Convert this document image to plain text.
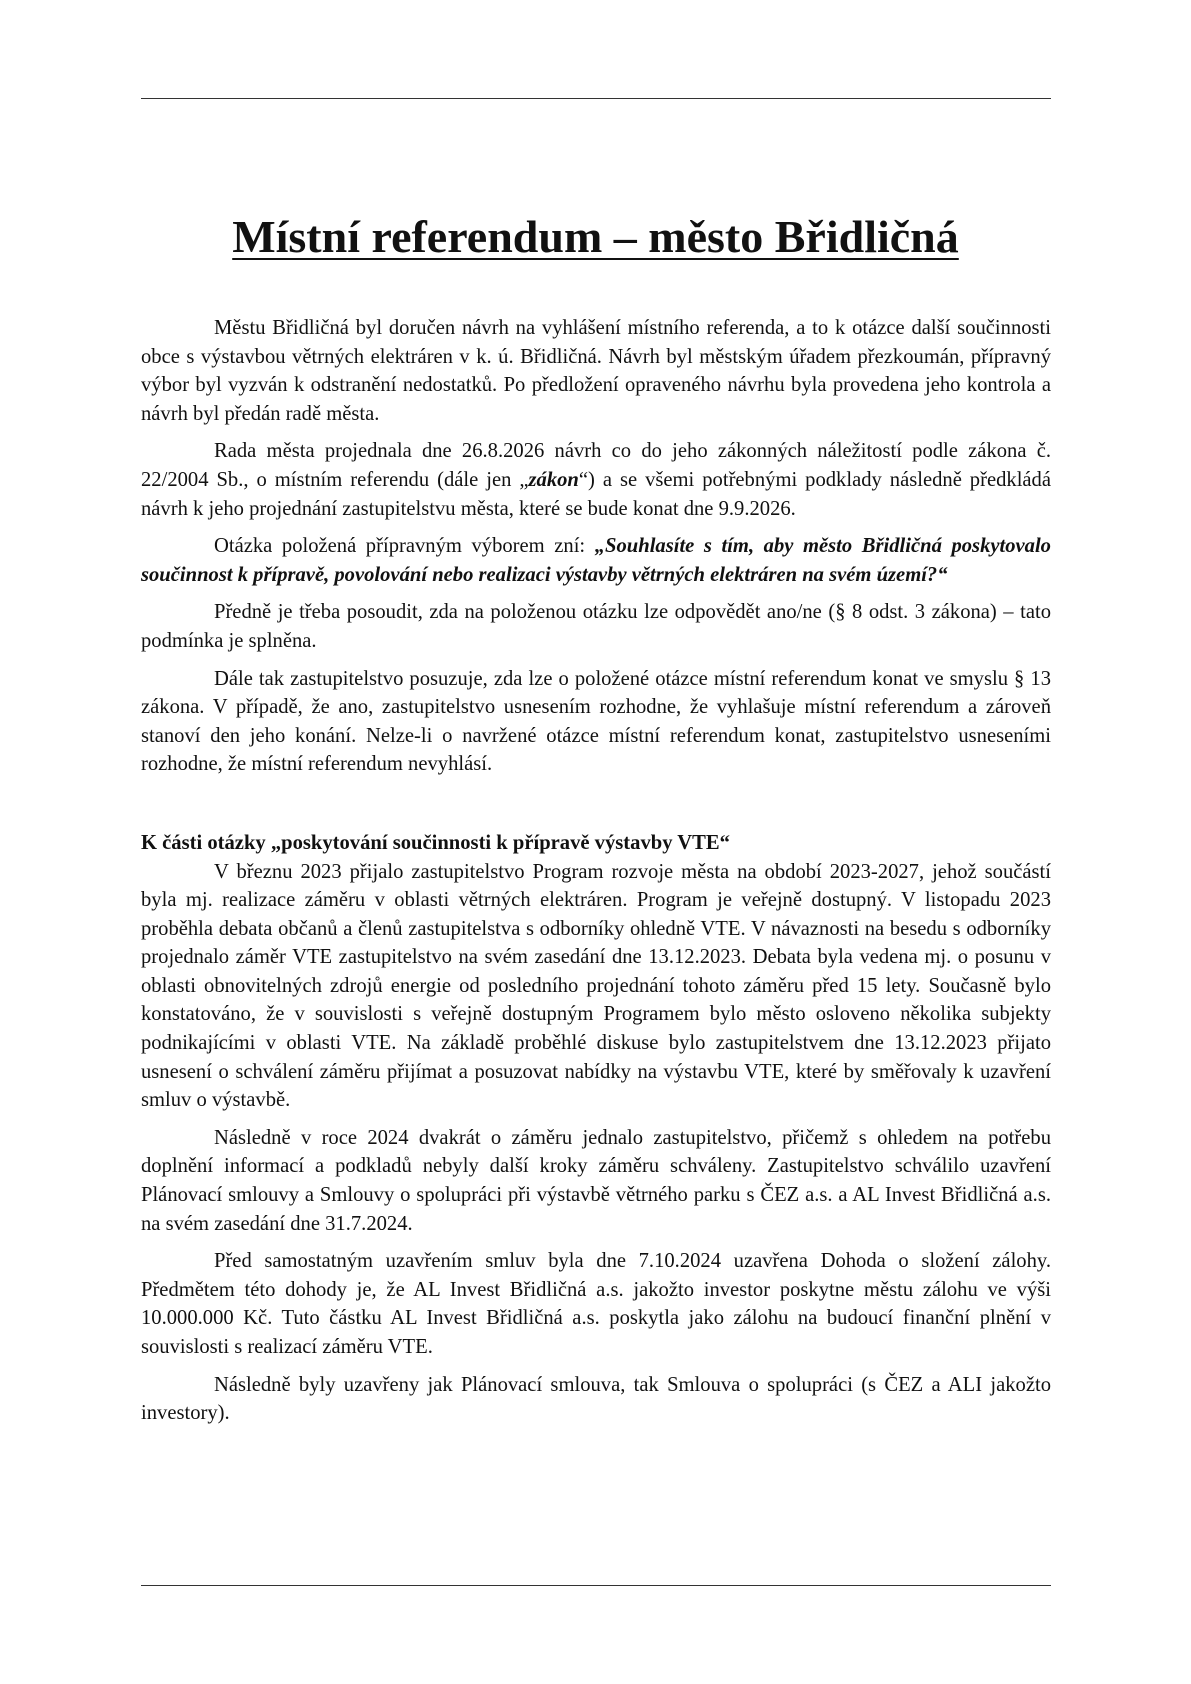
Místní referendum – město Břidličná

Městu Břidličná byl doručen návrh na vyhlášení místního referenda, a to k otázce další součinnosti obce s výstavbou větrných elektráren v k. ú. Břidličná. Návrh byl městským úřadem přezkoumán, přípravný výbor byl vyzván k odstranění nedostatků. Po předložení opraveného návrhu byla provedena jeho kontrola a návrh byl předán radě města.

Rada města projednala dne 26.8.2026 návrh co do jeho zákonných náležitostí podle zákona č. 22/2004 Sb., o místním referendu (dále jen „zákon“) a se všemi potřebnými podklady následně předkládá návrh k jeho projednání zastupitelstvu města, které se bude konat dne 9.9.2026.

Otázka položená přípravným výborem zní: „Souhlasíte s tím, aby město Břidličná poskytovalo součinnost k přípravě, povolování nebo realizaci výstavby větrných elektráren na svém území?“

Předně je třeba posoudit, zda na položenou otázku lze odpovědět ano/ne (§ 8 odst. 3 zákona) – tato podmínka je splněna.

Dále tak zastupitelstvo posuzuje, zda lze o položené otázce místní referendum konat ve smyslu § 13 zákona. V případě, že ano, zastupitelstvo usnesením rozhodne, že vyhlašuje místní referendum a zároveň stanoví den jeho konání. Nelze-li o navržené otázce místní referendum konat, zastupitelstvo usneseními rozhodne, že místní referendum nevyhlásí.

K části otázky „poskytování součinnosti k přípravě výstavby VTE“

V březnu 2023 přijalo zastupitelstvo Program rozvoje města na období 2023-2027, jehož součástí byla mj. realizace záměru v oblasti větrných elektráren. Program je veřejně dostupný. V listopadu 2023 proběhla debata občanů a členů zastupitelstva s odborníky ohledně VTE. V návaznosti na besedu s odborníky projednalo záměr VTE zastupitelstvo na svém zasedání dne 13.12.2023. Debata byla vedena mj. o posunu v oblasti obnovitelných zdrojů energie od posledního projednání tohoto záměru před 15 lety. Současně bylo konstatováno, že v souvislosti s veřejně dostupným Programem bylo město osloveno několika subjekty podnikajícími v oblasti VTE. Na základě proběhlé diskuse bylo zastupitelstvem dne 13.12.2023 přijato usnesení o schválení záměru přijímat a posuzovat nabídky na výstavbu VTE, které by směřovaly k uzavření smluv o výstavbě.

Následně v roce 2024 dvakrát o záměru jednalo zastupitelstvo, přičemž s ohledem na potřebu doplnění informací a podkladů nebyly další kroky záměru schváleny. Zastupitelstvo schválilo uzavření Plánovací smlouvy a Smlouvy o spolupráci při výstavbě větrného parku s ČEZ a.s. a AL Invest Břidličná a.s. na svém zasedání dne 31.7.2024.

Před samostatným uzavřením smluv byla dne 7.10.2024 uzavřena Dohoda o složení zálohy. Předmětem této dohody je, že AL Invest Břidličná a.s. jakožto investor poskytne městu zálohu ve výši 10.000.000 Kč. Tuto částku AL Invest Břidličná a.s. poskytla jako zálohu na budoucí finanční plnění v souvislosti s realizací záměru VTE.

Následně byly uzavřeny jak Plánovací smlouva, tak Smlouva o spolupráci (s ČEZ a ALI jakožto investory).
